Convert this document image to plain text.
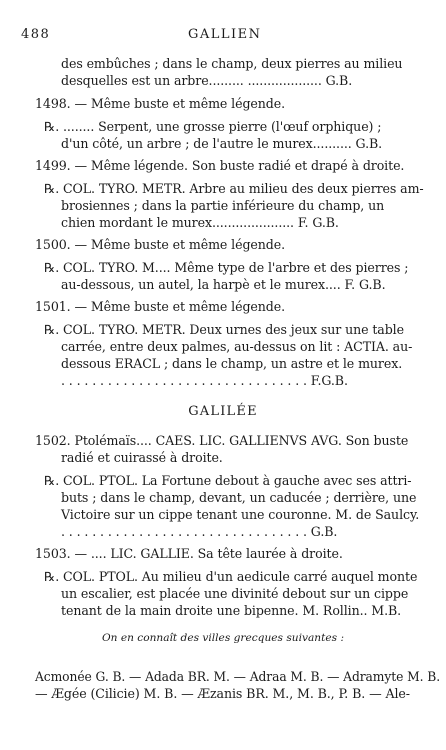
488	GALLIEN
des embûches ; dans le champ, deux pierres au milieu
desquelles est un arbre......... ................... G.B.
1498. — Même buste et même légende.
℞. ........ Serpent, une grosse pierre (l'œuf orphique) ;
d'un côté, un arbre ; de l'autre le murex.......... G.B.
1499. — Même légende. Son buste radié et drapé à droite.
℞. COL. TYRO. METR. Arbre au milieu des deux pierres am-
brosiennes ; dans la partie inférieure du champ, un
chien mordant le murex..................... F. G.B.
1500. — Même buste et même légende.
℞. COL. TYRO. M.... Même type de l'arbre et des pierres ;
au-dessous, un autel, la harpè et le murex.... F. G.B.
1501. — Même buste et même légende.
℞. COL. TYRO. METR. Deux urnes des jeux sur une table
carrée, entre deux palmes, au-dessus on lit : ACTIA. au-
dessous ERACL ; dans le champ, un astre et le murex.
. . . . . . . . . . . . . . . . . . . . . . . . . . . . . . . . F.G.B.
GALILÉE
1502. Ptolémaïs.... CAES. LIC. GALLIENVS AVG. Son buste
radié et cuirassé à droite.
℞. COL. PTOL. La Fortune debout à gauche avec ses attri-
buts ; dans le champ, devant, un caducée ; derrière, une
Victoire sur un cippe tenant une couronne. M. de Saulcy.
. . . . . . . . . . . . . . . . . . . . . . . . . . . . . . . . G.B.
1503. — .... LIC. GALLIE. Sa tête laurée à droite.
℞. COL. PTOL. Au milieu d'un aedicule carré auquel monte
un escalier, est placée une divinité debout sur un cippe
tenant de la main droite une bipenne. M. Rollin.. M.B.
On en connaît des villes grecques suivantes :
Acmonée G. B. — Adada BR. M. — Adraa M. B. — Adramyte M. B.
— Ægée (Cilicie) M. B. — Æzanis BR. M., M. B., P. B. — Ale-
